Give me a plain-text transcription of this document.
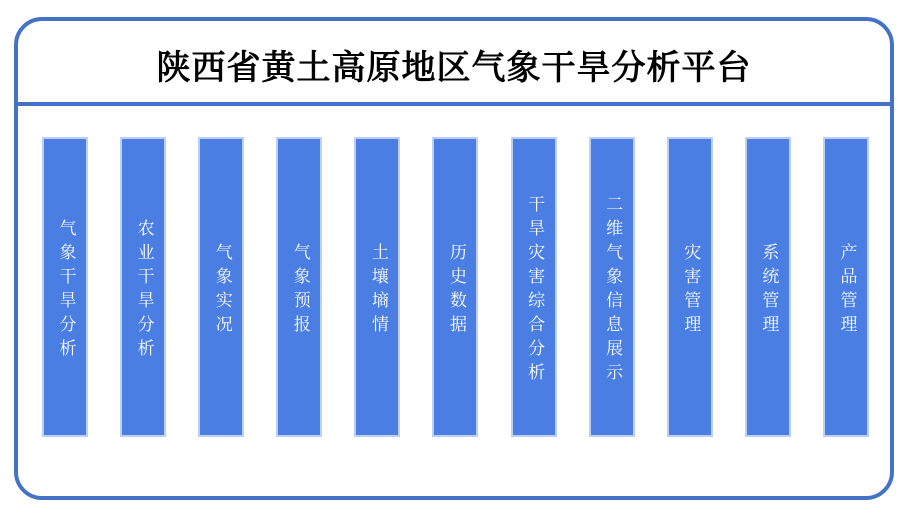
陕西省黄土高原地区气象干旱分析平台
气象干旱分析	农业干旱分析	气象实况	气象预报	土壤墒情	历史数据	干旱灾害综合分析	二维气象信息展示	灾害管理	系统管理	产品管理
